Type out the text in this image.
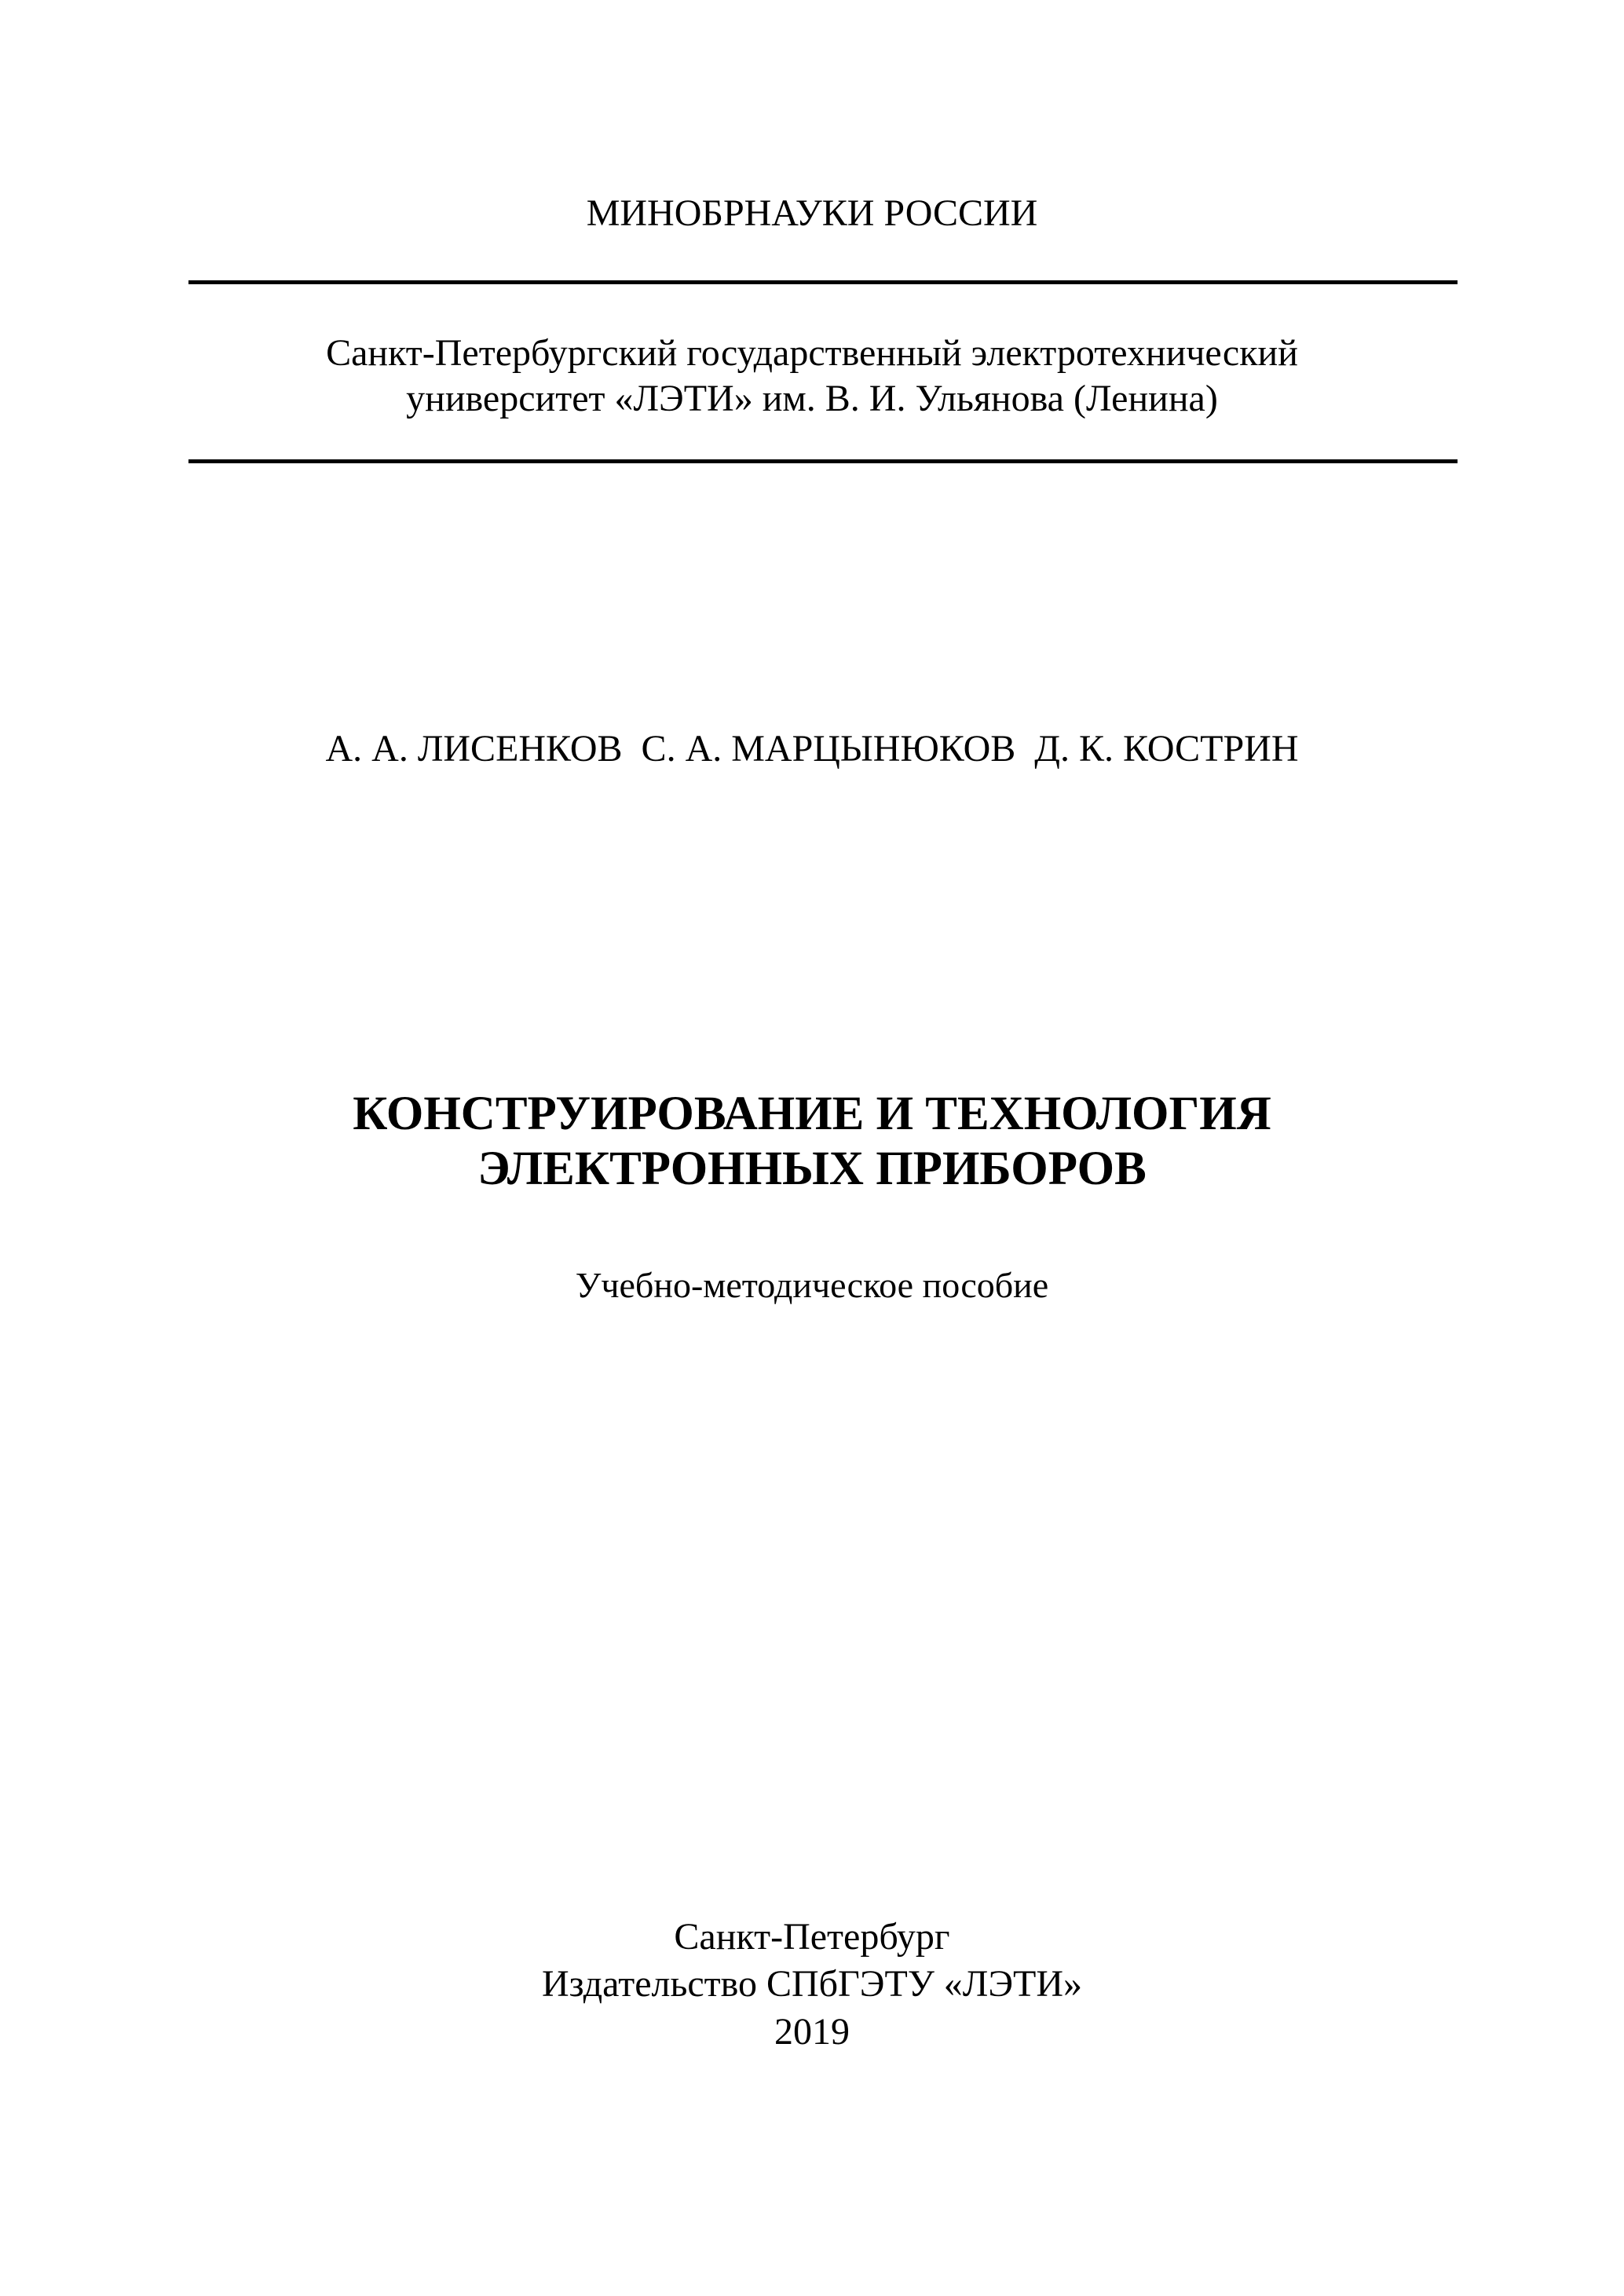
МИНОБРНАУКИ РОССИИ
Санкт-Петербургский государственный электротехнический
университет «ЛЭТИ» им. В. И. Ульянова (Ленина)
А. А. ЛИСЕНКОВ  С. А. МАРЦЫНЮКОВ  Д. К. КОСТРИН
КОНСТРУИРОВАНИЕ И ТЕХНОЛОГИЯ
ЭЛЕКТРОННЫХ ПРИБОРОВ
Учебно-методическое пособие
Санкт-Петербург
Издательство СПбГЭТУ «ЛЭТИ»
2019
